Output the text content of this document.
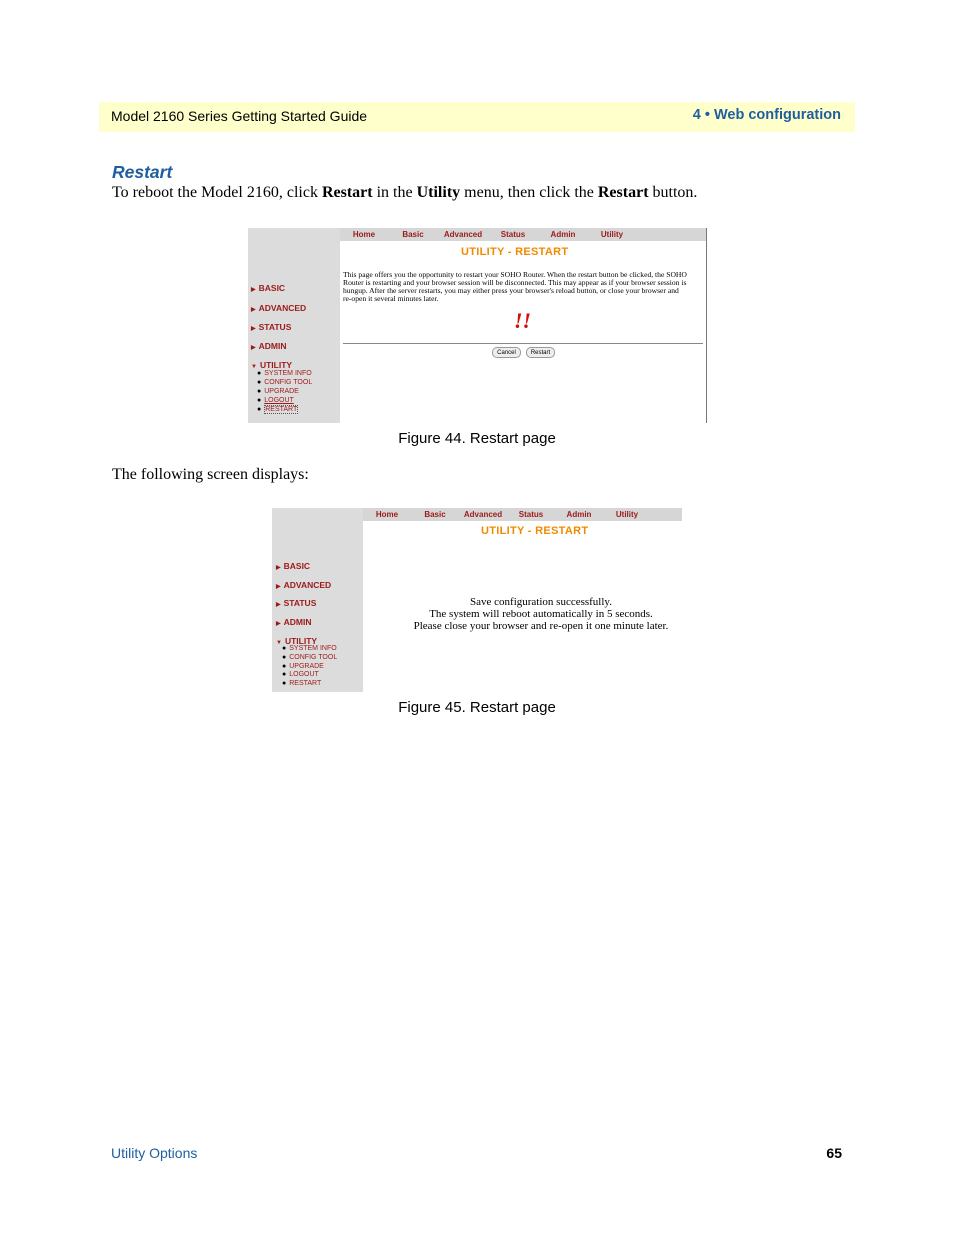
Model 2160 Series Getting Started Guide	4 • Web configuration
Restart
To reboot the Model 2160, click Restart in the Utility menu, then click the Restart button.
Home	Basic	Advanced	Status	Admin	Utility
UTILITY - RESTART
▶ BASIC
▶ ADVANCED
▶ STATUS
▶ ADMIN
▼ UTILITY
● SYSTEM INFO
● CONFIG TOOL
● UPGRADE
● LOGOUT
● RESTART
This page offers you the opportunity to restart your SOHO Router. When the restart button be clicked, the SOHO
Router is restarting and your browser session will be disconnected. This may appear as if your browser session is
hungup. After the server restarts, you may either press your browser's reload button, or close your browser and
re-open it several minutes later.
!!
Cancel	Restart
Figure 44. Restart page
The following screen displays:
Home	Basic	Advanced	Status	Admin	Utility
UTILITY - RESTART
▶ BASIC
▶ ADVANCED
▶ STATUS
▶ ADMIN
▼ UTILITY
● SYSTEM INFO
● CONFIG TOOL
● UPGRADE
● LOGOUT
● RESTART
Save configuration successfully.
The system will reboot automatically in 5 seconds.
Please close your browser and re-open it one minute later.
Figure 45. Restart page
Utility Options	65
